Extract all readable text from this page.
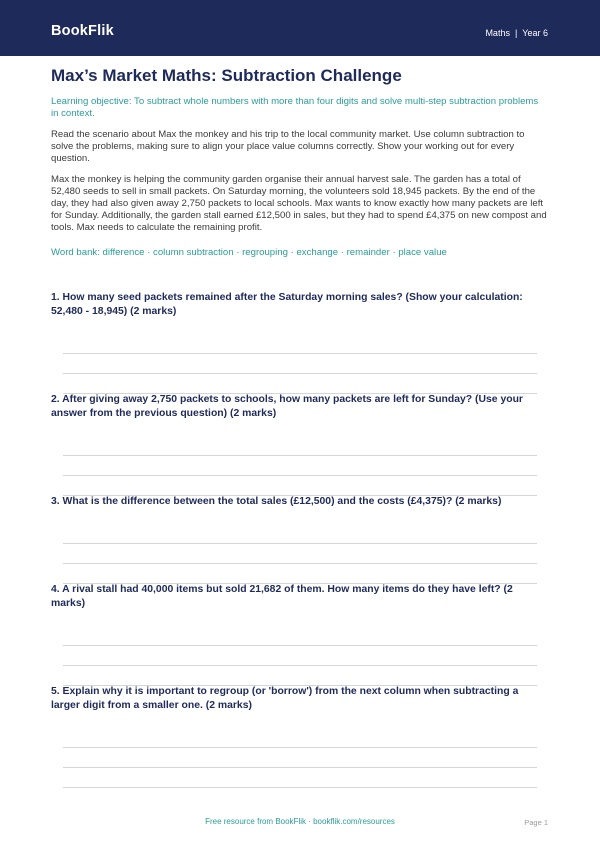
BookFlik	Maths | Year 6
Max’s Market Maths: Subtraction Challenge
Learning objective: To subtract whole numbers with more than four digits and solve multi-step subtraction problems in context.
Read the scenario about Max the monkey and his trip to the local community market. Use column subtraction to solve the problems, making sure to align your place value columns correctly. Show your working out for every question.
Max the monkey is helping the community garden organise their annual harvest sale. The garden has a total of 52,480 seeds to sell in small packets. On Saturday morning, the volunteers sold 18,945 packets. By the end of the day, they had also given away 2,750 packets to local schools. Max wants to know exactly how many packets are left for Sunday. Additionally, the garden stall earned £12,500 in sales, but they had to spend £4,375 on new compost and tools. Max needs to calculate the remaining profit.
Word bank: difference · column subtraction · regrouping · exchange · remainder · place value
1. How many seed packets remained after the Saturday morning sales? (Show your calculation: 52,480 - 18,945) (2 marks)
2. After giving away 2,750 packets to schools, how many packets are left for Sunday? (Use your answer from the previous question) (2 marks)
3. What is the difference between the total sales (£12,500) and the costs (£4,375)? (2 marks)
4. A rival stall had 40,000 items but sold 21,682 of them. How many items do they have left? (2 marks)
5. Explain why it is important to regroup (or 'borrow') from the next column when subtracting a larger digit from a smaller one. (2 marks)
Free resource from BookFlik · bookflik.com/resources	Page 1
